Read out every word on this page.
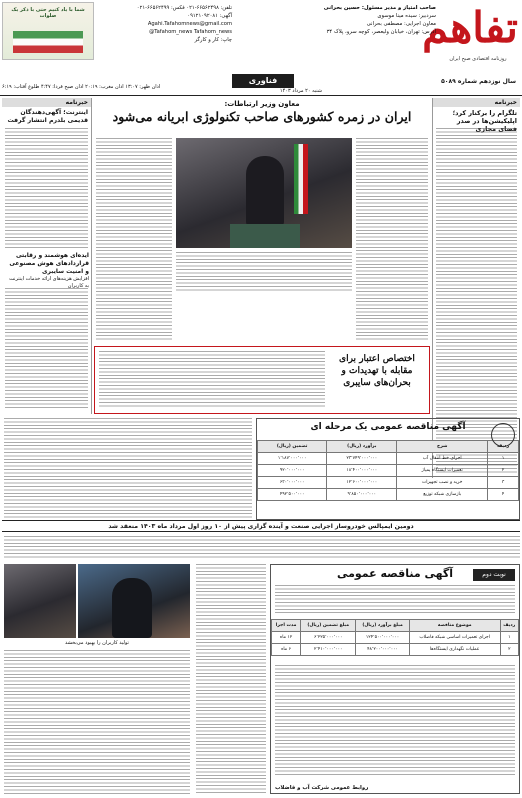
تفاهم
روزنامه اقتصادی صبح ایران
سال نوزدهم شماره ۵۰۸۹
فناوری
شنبه ۲۰ مرداد ۱۴۰۳
صاحب امتیاز و مدیر مسئول: حسین بحرانی
سردبیر: سیده مینا موسوی
معاون اجرایی: مصطفی بحرانی
آدرس: تهران، خیابان ولیعصر، کوچه سرو، پلاک ۳۴
تلفن: ۶۶۵۶۲۴۹۸-۰۲۱ فکس: ۶۶۵۶۲۴۹۹-۰۲۱
آگهی: ۰۹۱۲۱۰۹۲۰۸۱
Agahi.Tafahomnews@gmail.com
@Tafahom_news Tafahom_news
چاپ: کار و کارگر
شما با یاد کنیم حتی با ذکر یک صلوات
اذان ظهر: ۱۳:۰۷ اذان مغرب: ۲۰:۱۹ اذان صبح فردا: ۴:۴۷ طلوع آفتاب: ۶:۱۹
خبرنامه
تلگرام را برکنار کرد؛ اپلیکیشن‌ها در صدر فضای مجازی
معاون وزیر ارتباطات:
ایران در زمره کشورهای صاحب تکنولوژی ابریانه می‌شود
اختصاص اعتبار برای مقابله با تهدیدات و بحران‌های سایبری
خبرنامه
اینترنت؛ آگهی‌دهندگان قدیمی بلدرم انتشار گرفت
ایده‌ای هوشمند و رقابتی قراردادهای هوش مصنوعی و امنیت سایبری
افزایش هزینه‌های ارائه خدمات اینترنت به کاربران
آگهی مناقصه عمومی یک مرحله ای
ردیف	شرح	برآورد (ریال)	تضمین (ریال)
۱	اجرای خط انتقال آب	۲۳٬۷۴۹٬۰۰۰٬۰۰۰	۱٬۱۸۷٬۰۰۰٬۰۰۰
۲	تعمیرات ایستگاه پمپاژ	۱۸٬۴۰۰٬۰۰۰٬۰۰۰	۹۲۰٬۰۰۰٬۰۰۰
۳	خرید و نصب تجهیزات	۱۲٬۶۰۰٬۰۰۰٬۰۰۰	۶۳۰٬۰۰۰٬۰۰۰
۴	بازسازی شبکه توزیع	۹٬۸۵۰٬۰۰۰٬۰۰۰	۴۹۲٬۵۰۰٬۰۰۰
دومین ایمپالس خودروساز اجرایی صنعت و آینده گزاری پیش از ۱۰ روز اول مرداد ماه ۱۴۰۳ منعقد شد
تولید کاربران را بهبود می‌بخشد
نوبت دوم
آگهی مناقصه عمومی
ردیف	موضوع مناقصه	مبلغ برآورد (ریال)	مبلغ تضمین (ریال)	مدت اجرا
۱	اجرای تعمیرات اساسی شبکه فاضلاب	۱۲۴٬۵۰۰٬۰۰۰٬۰۰۰	۶٬۲۲۵٬۰۰۰٬۰۰۰	۱۲ ماه
۲	عملیات نگهداری ایستگاه‌ها	۴۸٬۲۰۰٬۰۰۰٬۰۰۰	۲٬۴۱۰٬۰۰۰٬۰۰۰	۶ ماه
روابط عمومی شرکت آب و فاضلاب
